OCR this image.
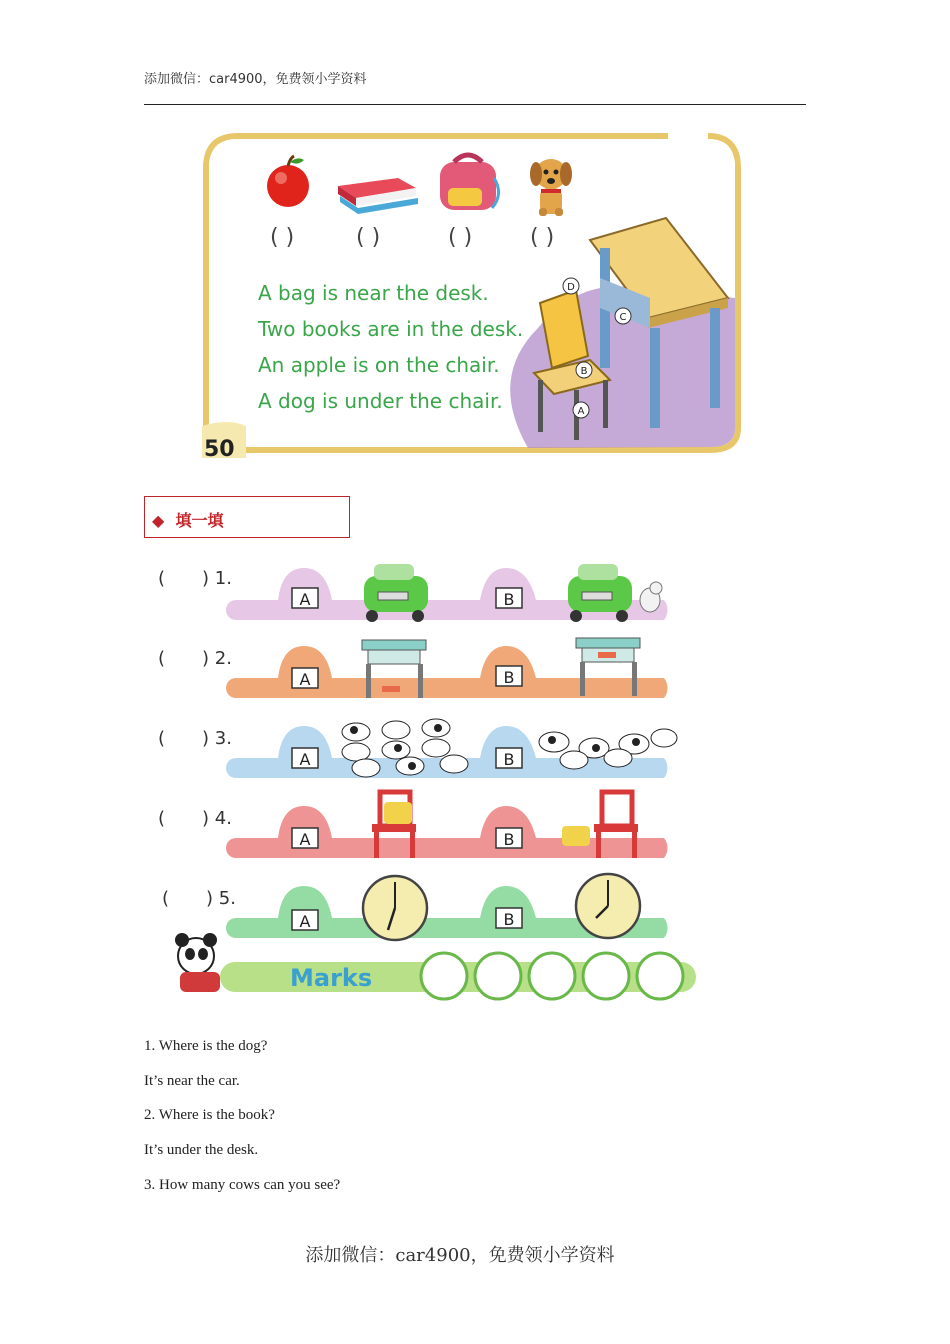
添加微信：car4900，免费领小学资料
( )	( )	( )	( )
A bag is near the desk.
Two books are in the desk.
An apple is on the chair.
A dog is under the chair.
D
C
B
A
50
◆ 填一填
( ) 1.
A	B
( ) 2.
A	B
( ) 3.
A	B
( ) 4.
A	B
( ) 5.
A	B
Marks
1. Where is the dog?
It’s near the car.
2. Where is the book?
It’s under the desk.
3. How many cows can you see?
添加微信：car4900，免费领小学资料
